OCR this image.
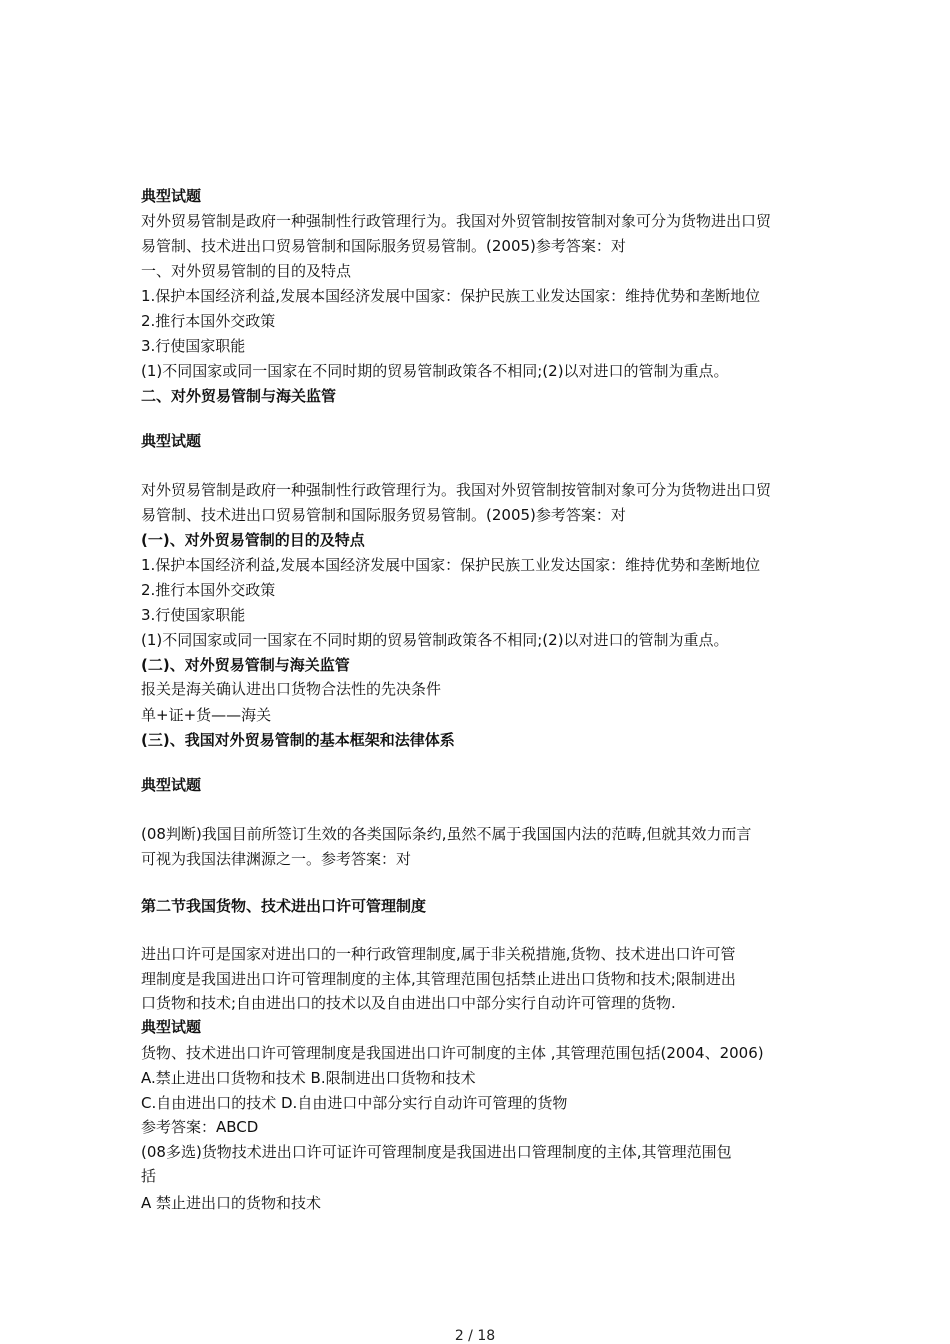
典型试题
对外贸易管制是政府一种强制性行政管理行为。我国对外贸管制按管制对象可分为货物进出口贸
易管制、技术进出口贸易管制和国际服务贸易管制。(2005)参考答案：对
一、对外贸易管制的目的及特点
1.保护本国经济利益,发展本国经济发展中国家：保护民族工业发达国家：维持优势和垄断地位
2.推行本国外交政策
3.行使国家职能
(1)不同国家或同一国家在不同时期的贸易管制政策各不相同;(2)以对进口的管制为重点。
二、对外贸易管制与海关监管
典型试题
对外贸易管制是政府一种强制性行政管理行为。我国对外贸管制按管制对象可分为货物进出口贸
易管制、技术进出口贸易管制和国际服务贸易管制。(2005)参考答案：对
(一)、对外贸易管制的目的及特点
1.保护本国经济利益,发展本国经济发展中国家：保护民族工业发达国家：维持优势和垄断地位
2.推行本国外交政策
3.行使国家职能
(1)不同国家或同一国家在不同时期的贸易管制政策各不相同;(2)以对进口的管制为重点。
(二)、对外贸易管制与海关监管
报关是海关确认进出口货物合法性的先决条件
单+证+货——海关
(三)、我国对外贸易管制的基本框架和法律体系
典型试题
(08判断)我国目前所签订生效的各类国际条约,虽然不属于我国国内法的范畴,但就其效力而言
可视为我国法律渊源之一。参考答案：对
第二节我国货物、技术进出口许可管理制度
进出口许可是国家对进出口的一种行政管理制度,属于非关税措施,货物、技术进出口许可管
理制度是我国进出口许可管理制度的主体,其管理范围包括禁止进出口货物和技术;限制进出
口货物和技术;自由进出口的技术以及自由进出口中部分实行自动许可管理的货物.
典型试题
货物、技术进出口许可管理制度是我国进出口许可制度的主体 ,其管理范围包括(2004、2006)
A.禁止进出口货物和技术 B.限制进出口货物和技术
C.自由进出口的技术 D.自由进口中部分实行自动许可管理的货物
参考答案：ABCD
(08多选)货物技术进出口许可证许可管理制度是我国进出口管理制度的主体,其管理范围包
括
A 禁止进出口的货物和技术
2 / 18
